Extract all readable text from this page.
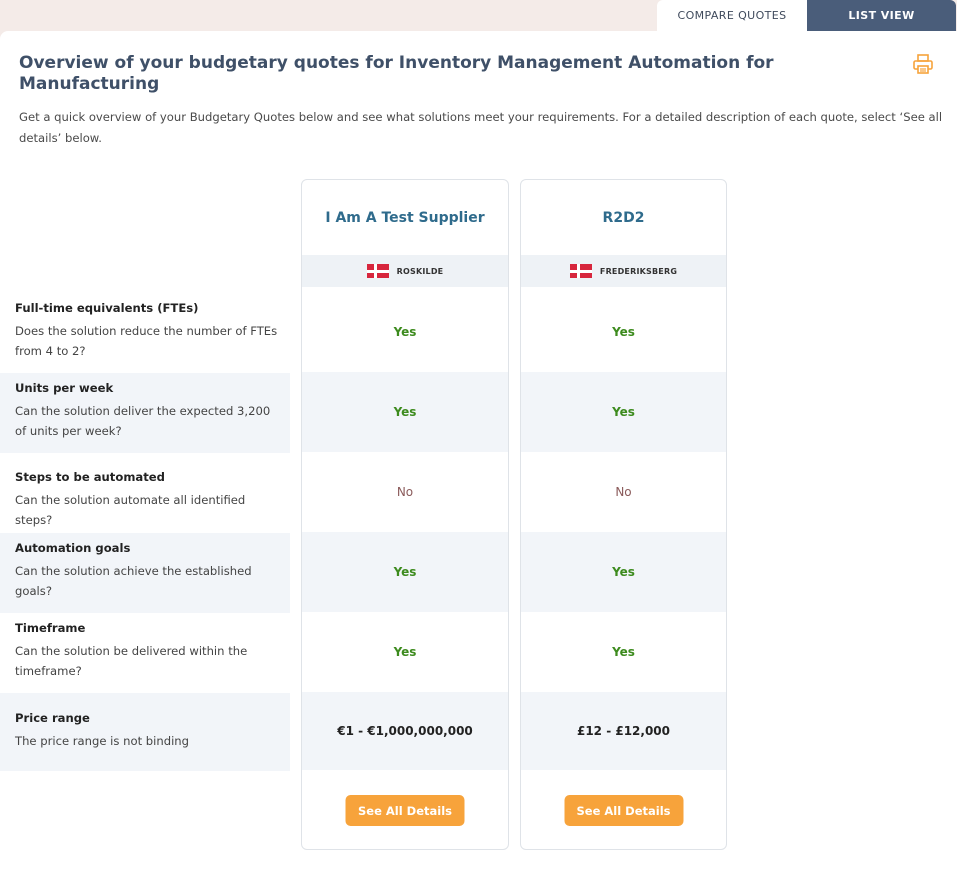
COMPARE QUOTES	LIST VIEW
Overview of your budgetary quotes for Inventory Management Automation for Manufacturing

Get a quick overview of your Budgetary Quotes below and see what solutions meet your requirements. For a detailed description of each quote, select ‘See all details’ below.

Full-time equivalents (FTEs)
Does the solution reduce the number of FTEs from 4 to 2?
Units per week
Can the solution deliver the expected 3,200 of units per week?
Steps to be automated
Can the solution automate all identified steps?
Automation goals
Can the solution achieve the established goals?
Timeframe
Can the solution be delivered within the timeframe?
Price range
The price range is not binding
I Am A Test Supplier
ROSKILDE
Yes
Yes
No
Yes
Yes
€1 - €1,000,000,000
See All Details
R2D2
FREDERIKSBERG
Yes
Yes
No
Yes
Yes
£12 - £12,000
See All Details
